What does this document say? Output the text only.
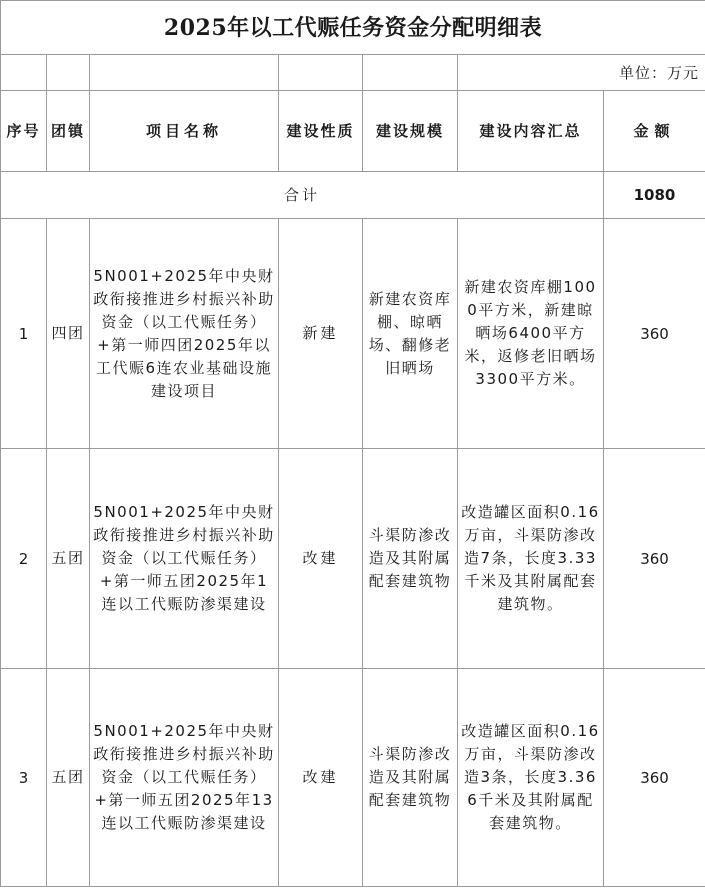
2025年以工代赈任务资金分配明细表						
					单位：万元	
序号	团镇	项目名称	建设性质	建设规模	建设内容汇总	金额
合计						1080
1	四团	5N001+2025年中央财政衔接推进乡村振兴补助资金（以工代赈任务）+第一师四团2025年以工代赈6连农业基础设施建设项目	新建	新建农资库棚、晾晒场、翻修老旧晒场	新建农资库棚1000平方米，新建晾晒场6400平方米，返修老旧晒场3300平方米。	360
2	五团	5N001+2025年中央财政衔接推进乡村振兴补助资金（以工代赈任务）+第一师五团2025年1连以工代赈防渗渠建设	改建	斗渠防渗改造及其附属配套建筑物	改造罐区面积0.16万亩，斗渠防渗改造7条，长度3.33千米及其附属配套建筑物。	360
3	五团	5N001+2025年中央财政衔接推进乡村振兴补助资金（以工代赈任务）+第一师五团2025年13连以工代赈防渗渠建设	改建	斗渠防渗改造及其附属配套建筑物	改造罐区面积0.16万亩，斗渠防渗改造3条，长度3.366千米及其附属配套建筑物。	360
